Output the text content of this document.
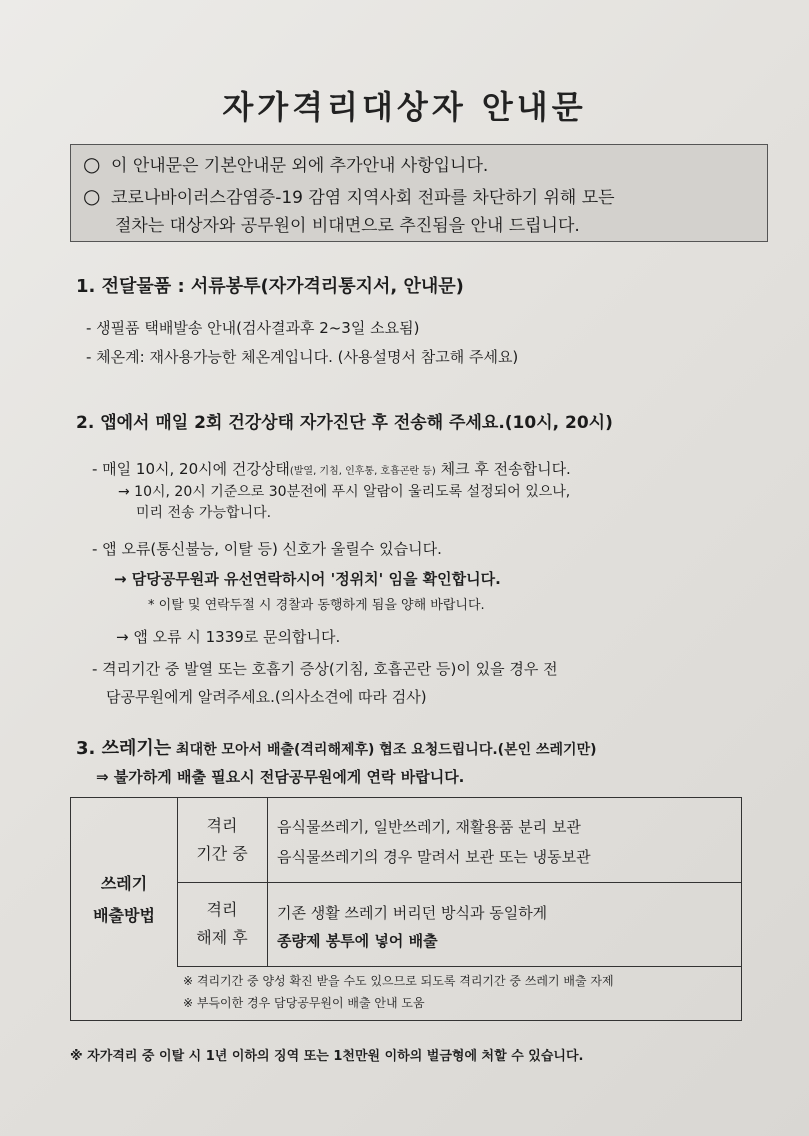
자가격리대상자 안내문
○ 이 안내문은 기본안내문 외에 추가안내 사항입니다.
○ 코로나바이러스감염증-19 감염 지역사회 전파를 차단하기 위해 모든
절차는 대상자와 공무원이 비대면으로 추진됨을 안내 드립니다.
1. 전달물품 : 서류봉투(자가격리통지서, 안내문)
- 생필품 택배발송 안내(검사결과후 2~3일 소요됨)
- 체온계: 재사용가능한 체온계입니다. (사용설명서 참고해 주세요)
2. 앱에서 매일 2회 건강상태 자가진단 후 전송해 주세요.(10시, 20시)
- 매일 10시, 20시에 건강상태(발열, 기침, 인후통, 호흡곤란 등) 체크 후 전송합니다.
→ 10시, 20시 기준으로 30분전에 푸시 알람이 울리도록 설정되어 있으나,
미리 전송 가능합니다.
- 앱 오류(통신불능, 이탈 등) 신호가 울릴수 있습니다.
→ 담당공무원과 유선연락하시어 '정위치' 임을 확인합니다.
* 이탈 및 연락두절 시 경찰과 동행하게 됨을 양해 바랍니다.
→ 앱 오류 시 1339로 문의합니다.
- 격리기간 중 발열 또는 호흡기 증상(기침, 호흡곤란 등)이 있을 경우 전
담공무원에게 알려주세요.(의사소견에 따라 검사)
3. 쓰레기는 최대한 모아서 배출(격리해제후) 협조 요청드립니다.(본인 쓰레기만)
⇒ 불가하게 배출 필요시 전담공무원에게 연락 바랍니다.
쓰레기
배출방법
격리
기간 중
음식물쓰레기, 일반쓰레기, 재활용품 분리 보관
음식물쓰레기의 경우 말려서 보관 또는 냉동보관
격리
해제 후
기존 생활 쓰레기 버리던 방식과 동일하게
종량제 봉투에 넣어 배출
※ 격리기간 중 양성 확진 받을 수도 있으므로 되도록 격리기간 중 쓰레기 배출 자제
※ 부득이한 경우 담당공무원이 배출 안내 도움
※ 자가격리 중 이탈 시 1년 이하의 징역 또는 1천만원 이하의 벌금형에 처할 수 있습니다.
